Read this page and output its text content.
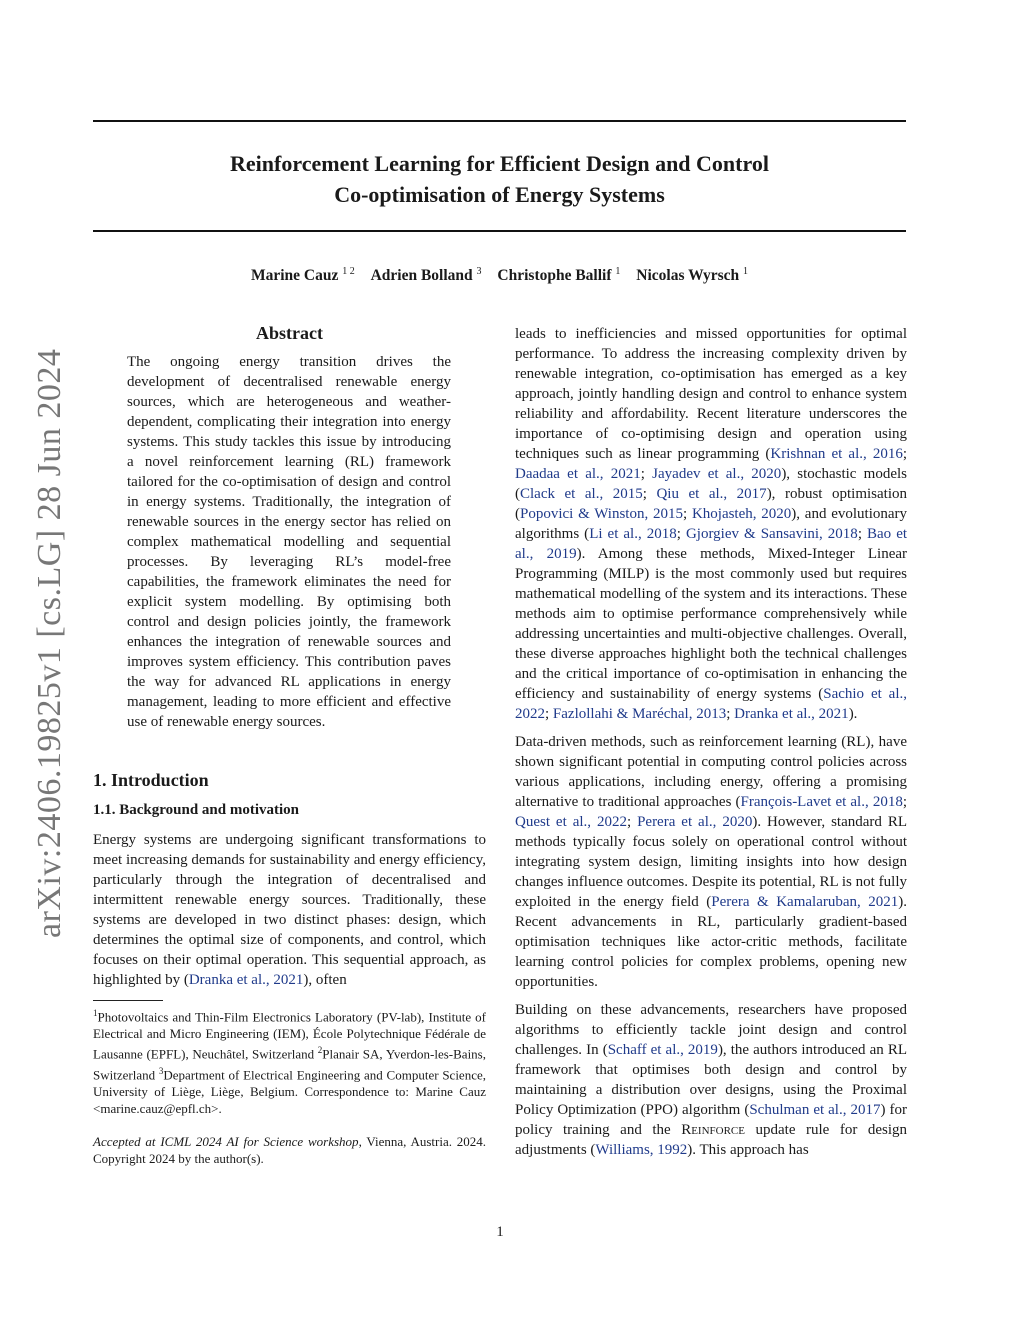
arXiv:2406.19825v1 [cs.LG] 28 Jun 2024
Reinforcement Learning for Efficient Design and Control
Co-optimisation of Energy Systems
Marine Cauz $^{1 2}$ Adrien Bolland $^3$ Christophe Ballif $^1$ Nicolas Wyrsch $^1$
Abstract

The ongoing energy transition drives the development of decentralised renewable energy sources, which are heterogeneous and weather-dependent, complicating their integration into energy systems. This study tackles this issue by introducing a novel reinforcement learning (RL) framework tailored for the co-optimisation of design and control in energy systems. Traditionally, the integration of renewable sources in the energy sector has relied on complex mathematical modelling and sequential processes. By leveraging RL’s model-free capabilities, the framework eliminates the need for explicit system modelling. By optimising both control and design policies jointly, the framework enhances the integration of renewable sources and improves system efficiency. This contribution paves the way for advanced RL applications in energy management, leading to more efficient and effective use of renewable energy sources.

1. Introduction
1.1. Background and motivation

Energy systems are undergoing significant transformations to meet increasing demands for sustainability and energy efficiency, particularly through the integration of decentralised and intermittent renewable energy sources. Traditionally, these systems are developed in two distinct phases: design, which determines the optimal size of components, and control, which focuses on their optimal operation. This sequential approach, as highlighted by (Dranka et al., 2021), often

$^1$Photovoltaics and Thin-Film Electronics Laboratory (PV-lab), Institute of Electrical and Micro Engineering (IEM), École Polytechnique Fédérale de Lausanne (EPFL), Neuchâtel, Switzerland $^2$Planair SA, Yverdon-les-Bains, Switzerland $^3$Department of Electrical Engineering and Computer Science, University of Liège, Liège, Belgium. Correspondence to: Marine Cauz <marine.cauz@epfl.ch>.
Accepted at ICML 2024 AI for Science workshop, Vienna, Austria. 2024. Copyright 2024 by the author(s).

leads to inefficiencies and missed opportunities for optimal performance. To address the increasing complexity driven by renewable integration, co-optimisation has emerged as a key approach, jointly handling design and control to enhance system reliability and affordability. Recent literature underscores the importance of co-optimising design and operation using techniques such as linear programming (Krishnan et al., 2016; Daadaa et al., 2021; Jayadev et al., 2020), stochastic models (Clack et al., 2015; Qiu et al., 2017), robust optimisation (Popovici & Winston, 2015; Khojasteh, 2020), and evolutionary algorithms (Li et al., 2018; Gjorgiev & Sansavini, 2018; Bao et al., 2019). Among these methods, Mixed-Integer Linear Programming (MILP) is the most commonly used but requires mathematical modelling of the system and its interactions. These methods aim to optimise performance comprehensively while addressing uncertainties and multi-objective challenges. Overall, these diverse approaches highlight both the technical challenges and the critical importance of co-optimisation in enhancing the efficiency and sustainability of energy systems (Sachio et al., 2022; Fazlollahi & Maréchal, 2013; Dranka et al., 2021).

Data-driven methods, such as reinforcement learning (RL), have shown significant potential in computing control policies across various applications, including energy, offering a promising alternative to traditional approaches (François-Lavet et al., 2018; Quest et al., 2022; Perera et al., 2020). However, standard RL methods typically focus solely on operational control without integrating system design, limiting insights into how design changes influence outcomes. Despite its potential, RL is not fully exploited in the energy field (Perera & Kamalaruban, 2021). Recent advancements in RL, particularly gradient-based optimisation techniques like actor-critic methods, facilitate learning control policies for complex problems, opening new opportunities.

Building on these advancements, researchers have proposed algorithms to efficiently tackle joint design and control challenges. In (Schaff et al., 2019), the authors introduced an RL framework that optimises both design and control by maintaining a distribution over designs, using the Proximal Policy Optimization (PPO) algorithm (Schulman et al., 2017) for policy training and the Reinforce update rule for design adjustments (Williams, 1992). This approach has

1
